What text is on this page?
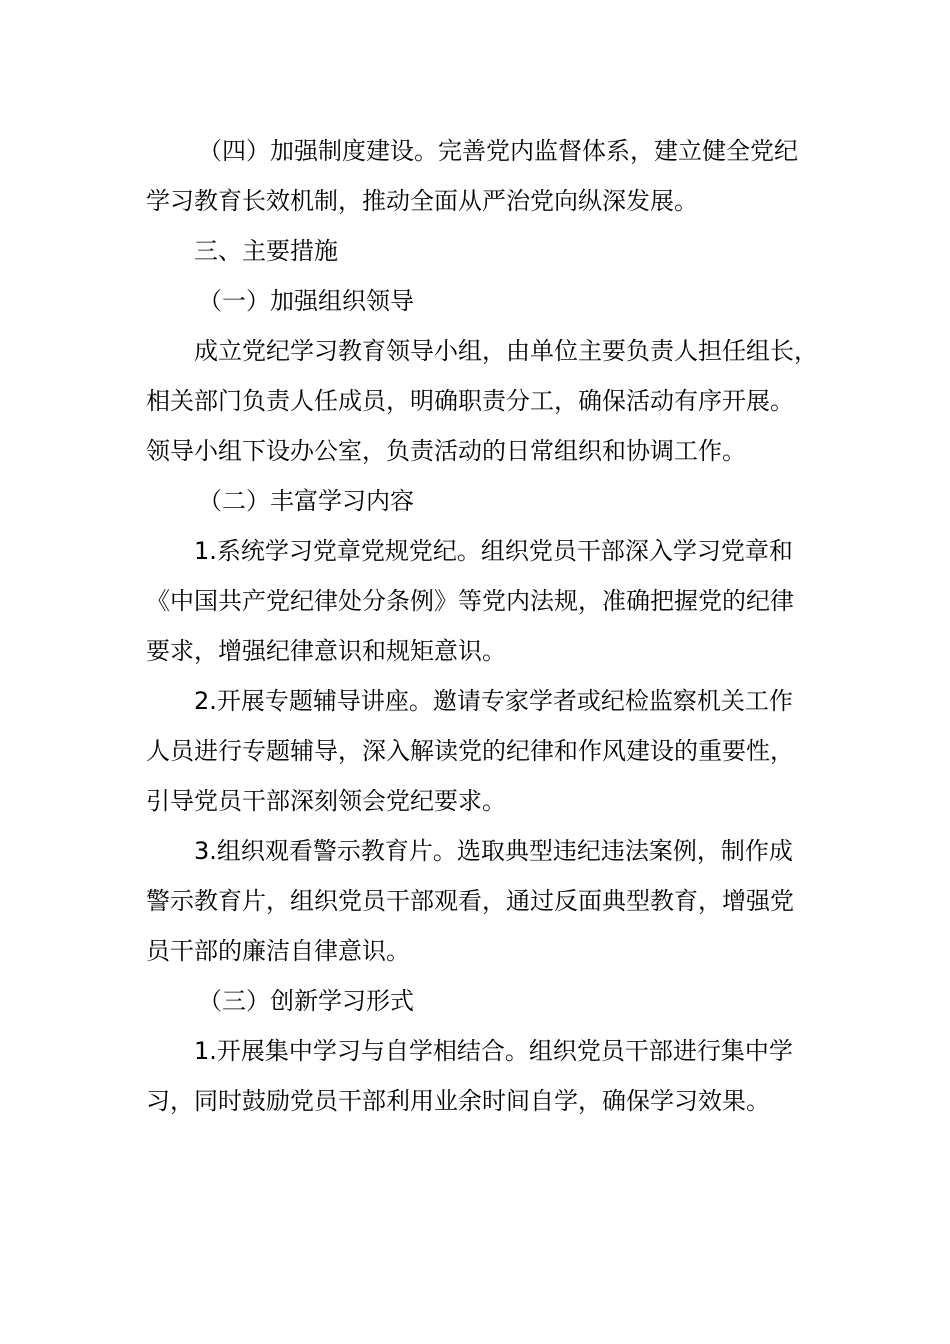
（四）加强制度建设。完善党内监督体系，建立健全党纪
学习教育长效机制，推动全面从严治党向纵深发展。
三、主要措施
（一）加强组织领导
成立党纪学习教育领导小组，由单位主要负责人担任组长，
相关部门负责人任成员，明确职责分工，确保活动有序开展。
领导小组下设办公室，负责活动的日常组织和协调工作。
（二）丰富学习内容
1.系统学习党章党规党纪。组织党员干部深入学习党章和
《中国共产党纪律处分条例》等党内法规，准确把握党的纪律
要求，增强纪律意识和规矩意识。
2.开展专题辅导讲座。邀请专家学者或纪检监察机关工作
人员进行专题辅导，深入解读党的纪律和作风建设的重要性，
引导党员干部深刻领会党纪要求。
3.组织观看警示教育片。选取典型违纪违法案例，制作成
警示教育片，组织党员干部观看，通过反面典型教育，增强党
员干部的廉洁自律意识。
（三）创新学习形式
1.开展集中学习与自学相结合。组织党员干部进行集中学
习，同时鼓励党员干部利用业余时间自学，确保学习效果。
